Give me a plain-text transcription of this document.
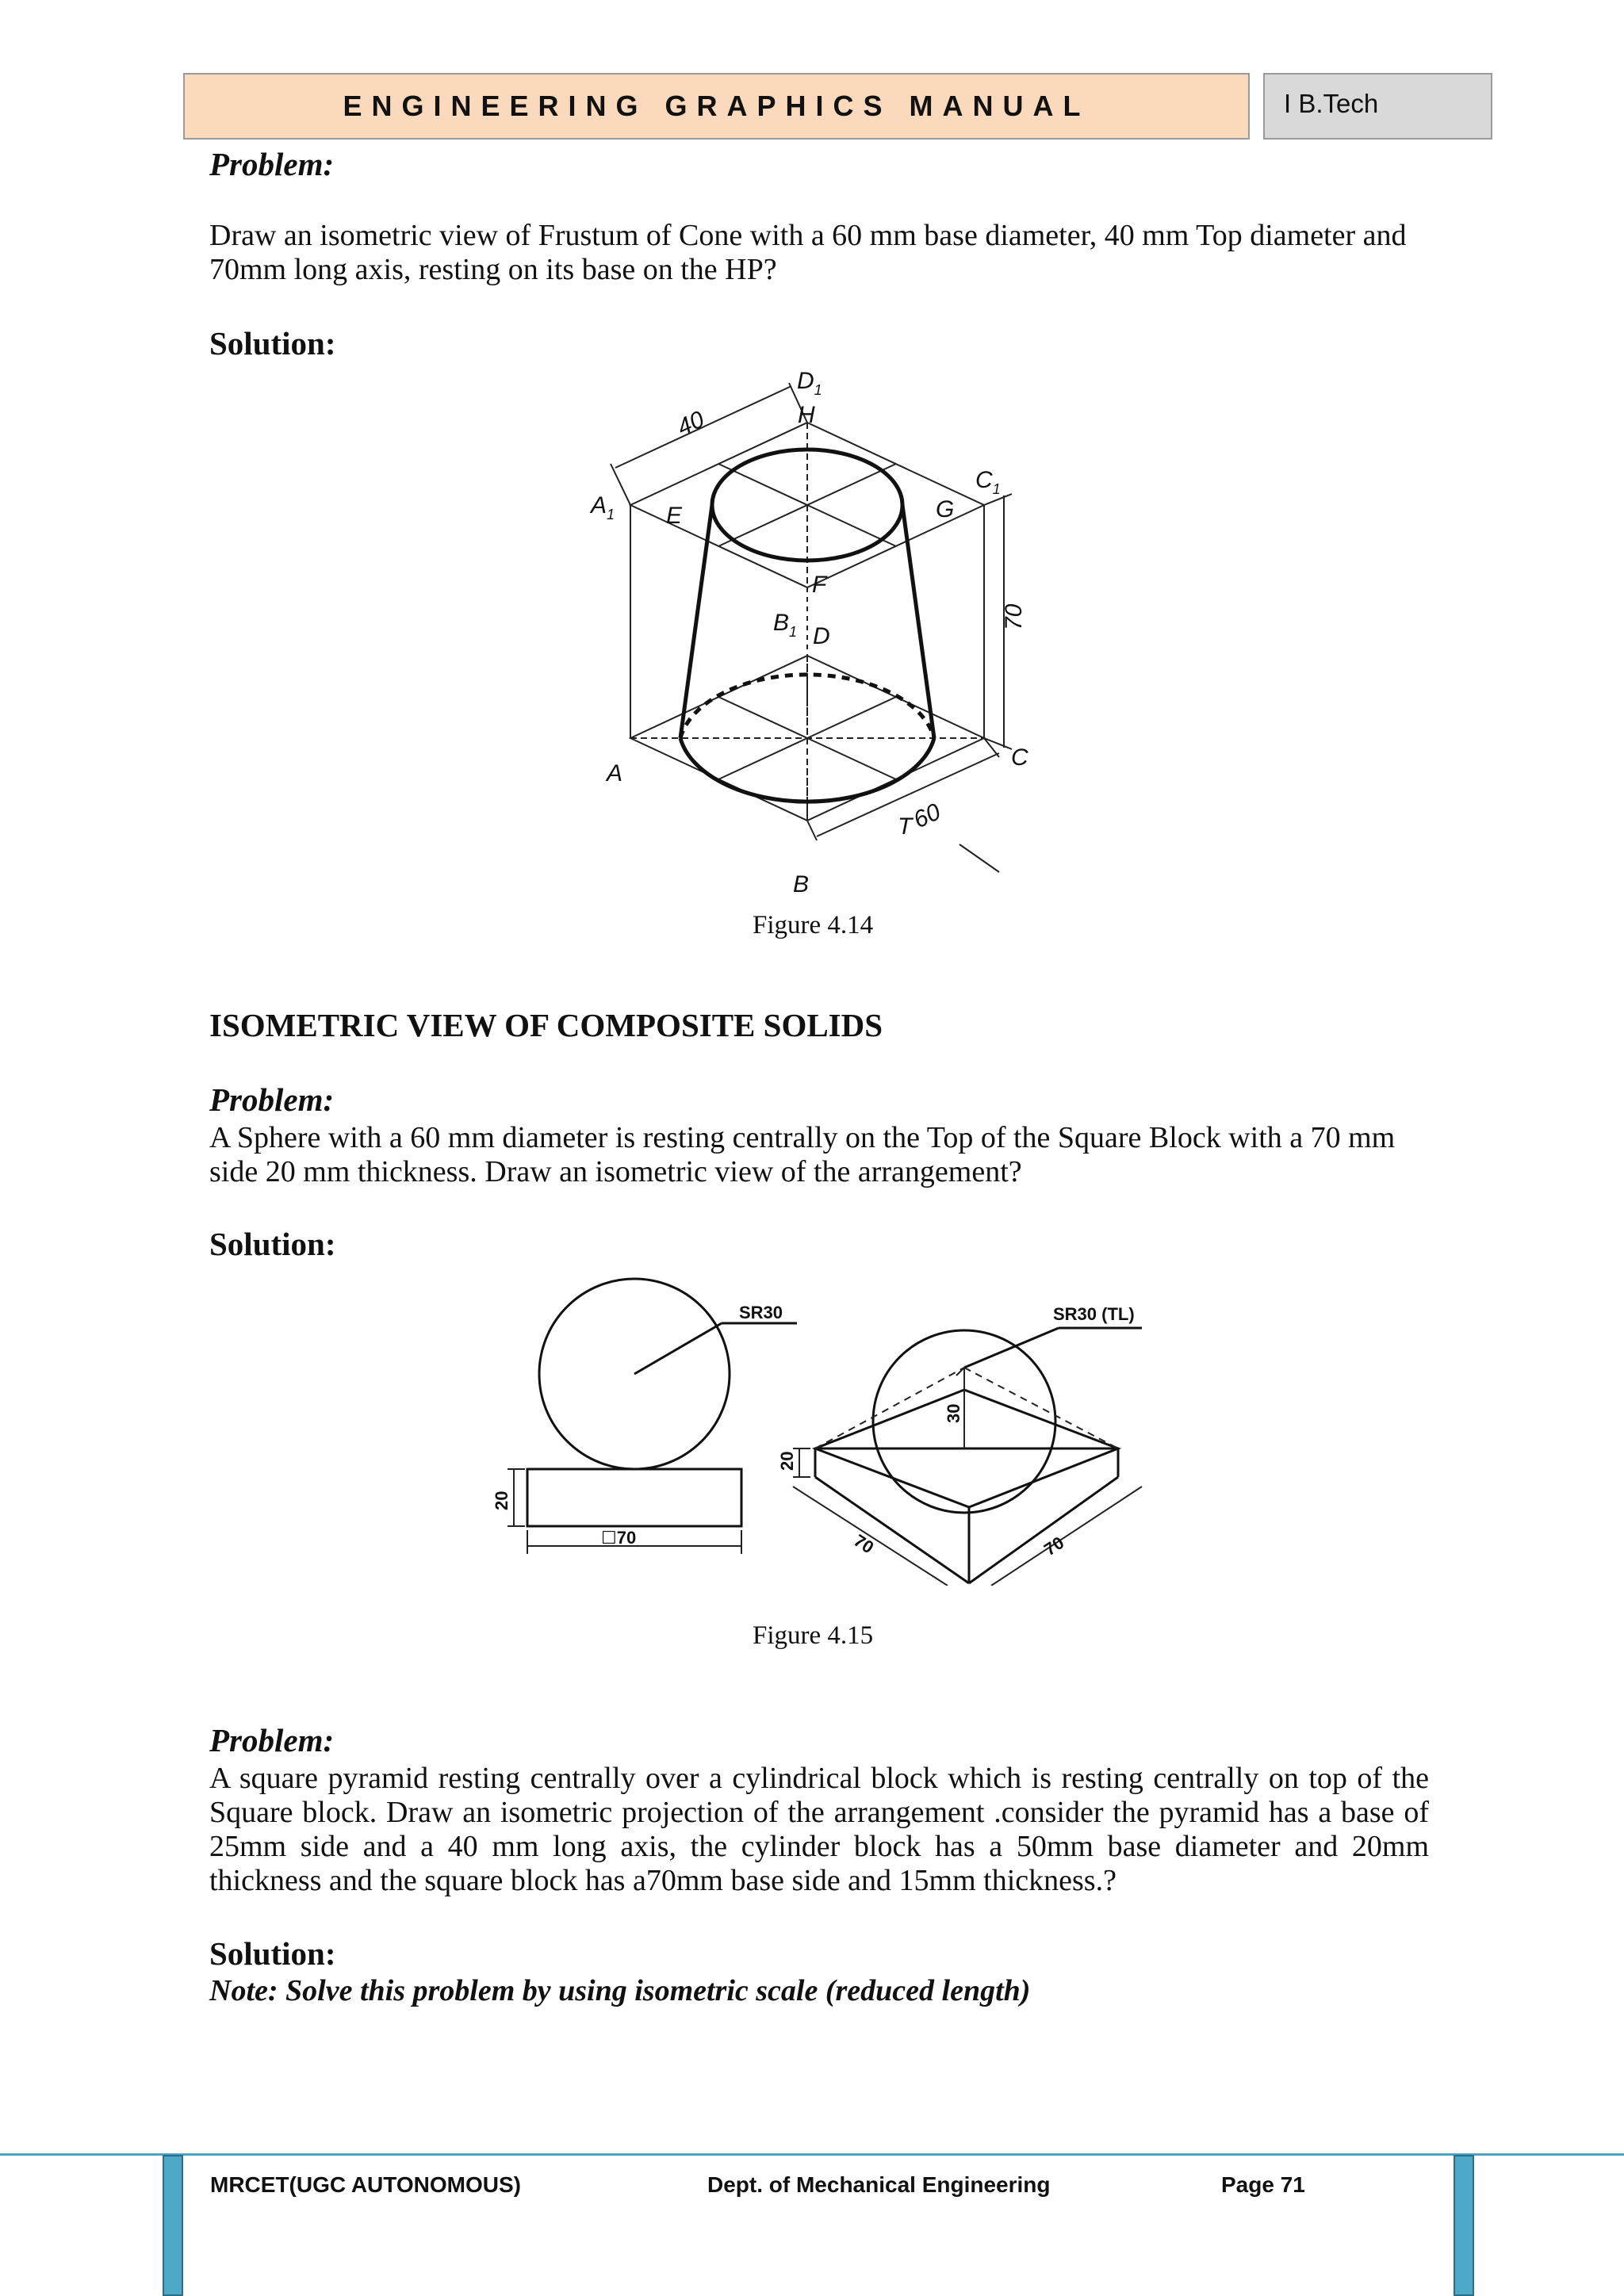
ENGINEERING GRAPHICS MANUAL	I B.Tech
Problem:
Draw an isometric view of Frustum of Cone with a 60 mm base diameter, 40 mm Top diameter and 70mm long axis, resting on its base on the HP?
Solution:
$D_1$
H
40
$A_1$ E	G
$C_1$
F
$B_1$ D
70
A
C
T
60
B
Figure 4.14
ISOMETRIC VIEW OF COMPOSITE SOLIDS
Problem:
A Sphere with a 60 mm diameter is resting centrally on the Top of the Square Block with a 70 mm side 20 mm thickness. Draw an isometric view of the arrangement?
Solution:
SR30
20
☐70
SR30 (TL)
30
20
70	70
Figure 4.15
Problem:
A square pyramid resting centrally over a cylindrical block which is resting centrally on top of the Square block. Draw an isometric projection of the arrangement .consider the pyramid has a base of 25mm side and a 40 mm long axis, the cylinder block has a 50mm base diameter and 20mm thickness and the square block has a70mm base side and 15mm thickness.?
Solution:
Note: Solve this problem by using isometric scale (reduced length)
MRCET(UGC AUTONOMOUS)	Dept. of Mechanical Engineering	Page 71
